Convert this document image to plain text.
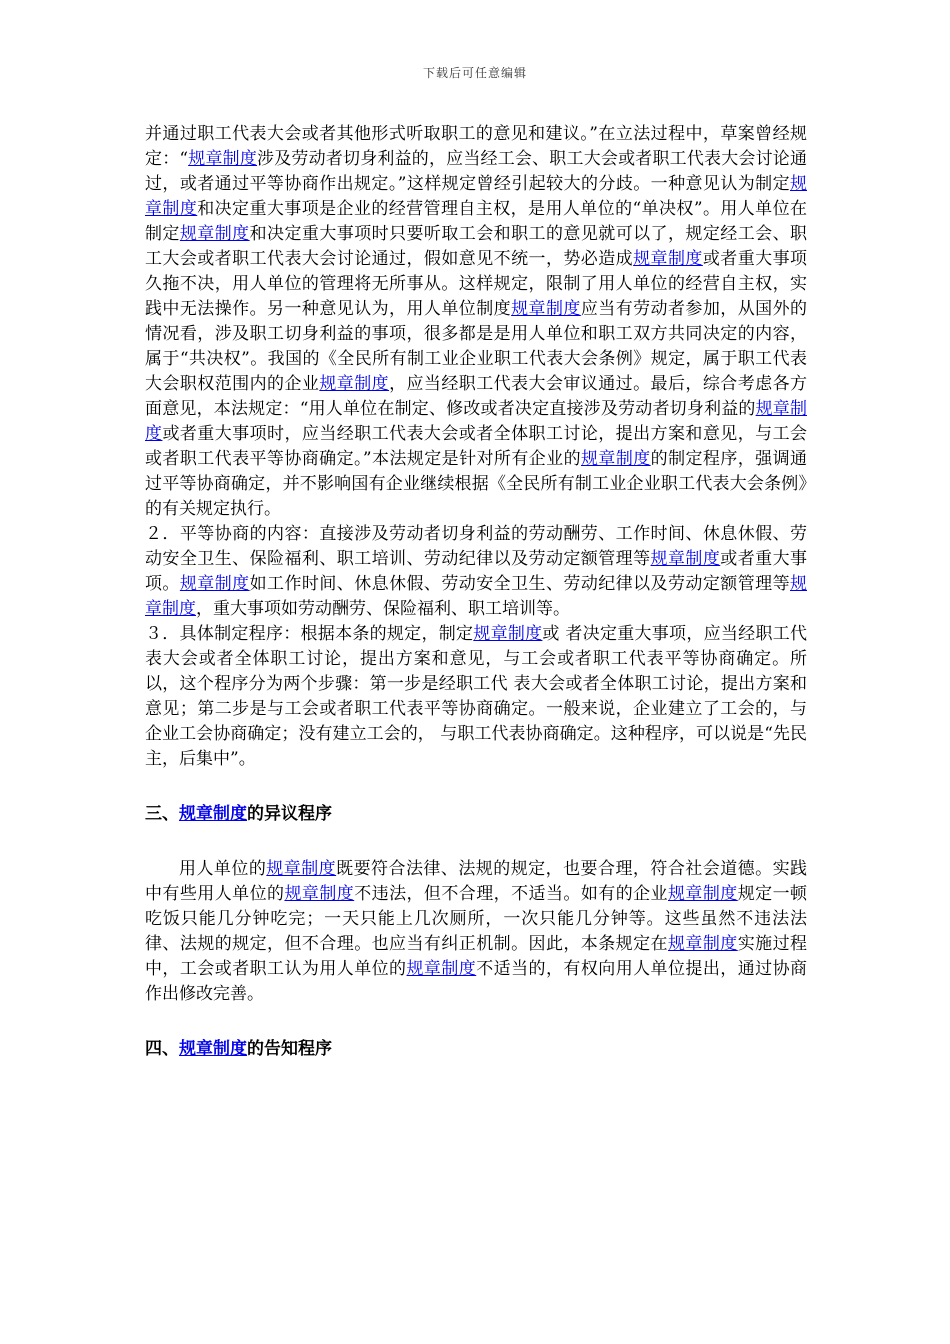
下载后可任意编辑

并通过职工代表大会或者其他形式听取职工的意见和建议。”在立法过程中，草案曾经规定：“规章制度涉及劳动者切身利益的，应当经工会、职工大会或者职工代表大会讨论通过，或者通过平等协商作出规定。”这样规定曾经引起较大的分歧。一种意见认为制定规章制度和决定重大事项是企业的经营管理自主权，是用人单位的“单决权”。用人单位在制定规章制度和决定重大事项时只要听取工会和职工的意见就可以了，规定经工会、职工大会或者职工代表大会讨论通过，假如意见不统一，势必造成规章制度或者重大事项久拖不决，用人单位的管理将无所事从。这样规定，限制了用人单位的经营自主权，实践中无法操作。另一种意见认为，用人单位制度规章制度应当有劳动者参加，从国外的情况看，涉及职工切身利益的事项，很多都是是用人单位和职工双方共同决定的内容，属于“共决权”。我国的《全民所有制工业企业职工代表大会条例》规定，属于职工代表大会职权范围内的企业规章制度，应当经职工代表大会审议通过。最后，综合考虑各方面意见，本法规定：“用人单位在制定、修改或者决定直接涉及劳动者切身利益的规章制度或者重大事项时，应当经职工代表大会或者全体职工讨论，提出方案和意见，与工会或者职工代表平等协商确定。”本法规定是针对所有企业的规章制度的制定程序，强调通过平等协商确定，并不影响国有企业继续根据《全民所有制工业企业职工代表大会条例》的有关规定执行。

２．平等协商的内容：直接涉及劳动者切身利益的劳动酬劳、工作时间、休息休假、劳动安全卫生、保险福利、职工培训、劳动纪律以及劳动定额管理等规章制度或者重大事项。规章制度如工作时间、休息休假、劳动安全卫生、劳动纪律以及劳动定额管理等规章制度，重大事项如劳动酬劳、保险福利、职工培训等。

３．具体制定程序：根据本条的规定，制定规章制度或 者决定重大事项，应当经职工代表大会或者全体职工讨论，提出方案和意见，与工会或者职工代表平等协商确定。所以，这个程序分为两个步骤：第一步是经职工代 表大会或者全体职工讨论，提出方案和意见；第二步是与工会或者职工代表平等协商确定。一般来说，企业建立了工会的，与企业工会协商确定；没有建立工会的， 与职工代表协商确定。这种程序，可以说是“先民主，后集中”。

三、规章制度的异议程序

用人单位的规章制度既要符合法律、法规的规定，也要合理，符合社会道德。实践中有些用人单位的规章制度不违法，但不合理，不适当。如有的企业规章制度规定一顿吃饭只能几分钟吃完；一天只能上几次厕所，一次只能几分钟等。这些虽然不违法法律、法规的规定，但不合理。也应当有纠正机制。因此，本条规定在规章制度实施过程中，工会或者职工认为用人单位的规章制度不适当的，有权向用人单位提出，通过协商作出修改完善。

四、规章制度的告知程序
